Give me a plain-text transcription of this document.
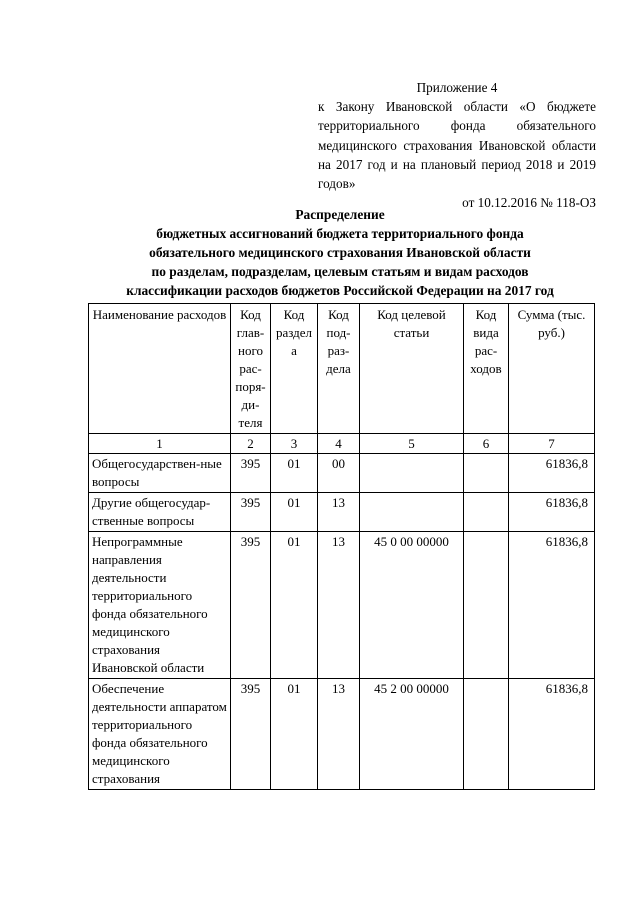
Приложение 4
к Закону Ивановской области «О бюджете территориального фонда обязательного медицинского страхования Ивановской области на 2017 год и на плановый период 2018 и 2019 годов»
от 10.12.2016 № 118-ОЗ
Распределение
бюджетных ассигнований бюджета территориального фонда
обязательного медицинского страхования Ивановской области
по разделам, подразделам, целевым статьям и видам расходов
классификации расходов бюджетов Российской Федерации на 2017 год
Наименование расходов	Код глав-ного рас-поря-ди-теля	Код раздела	Код под-раз-дела	Код целевой статьи	Код вида рас-ходов	Сумма (тыс. руб.)
1	2	3	4	5	6	7
Общегосударствен-ные вопросы	395	01	00			61836,8
Другие общегосудар-ственные вопросы	395	01	13			61836,8
Непрограммные направления деятельности территориального фонда обязательного медицинского страхования Ивановской области	395	01	13	45 0 00 00000		61836,8
Обеспечение деятельности аппаратом территориального фонда обязательного медицинского страхования	395	01	13	45 2 00 00000		61836,8
